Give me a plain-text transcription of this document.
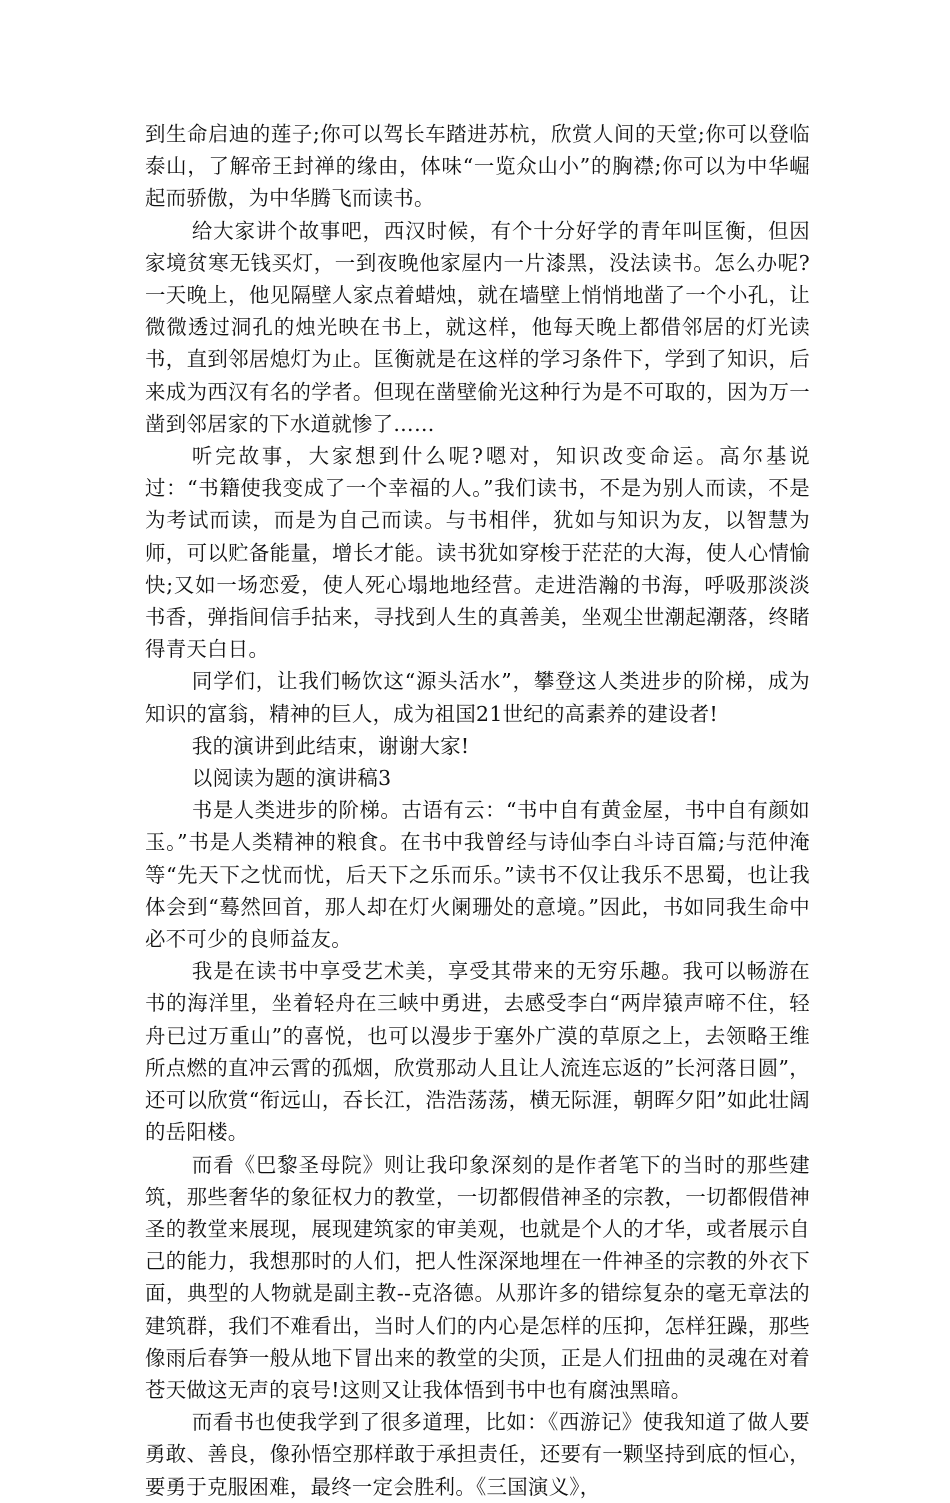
到生命启迪的莲子;你可以驾长车踏进苏杭，欣赏人间的天堂;你可以登临泰山，了解帝王封禅的缘由，体味“一览众山小”的胸襟;你可以为中华崛起而骄傲，为中华腾飞而读书。

给大家讲个故事吧，西汉时候，有个十分好学的青年叫匡衡，但因家境贫寒无钱买灯，一到夜晚他家屋内一片漆黑，没法读书。怎么办呢?一天晚上，他见隔壁人家点着蜡烛，就在墙壁上悄悄地凿了一个小孔，让微微透过洞孔的烛光映在书上，就这样，他每天晚上都借邻居的灯光读书，直到邻居熄灯为止。匡衡就是在这样的学习条件下，学到了知识，后来成为西汉有名的学者。但现在凿壁偷光这种行为是不可取的，因为万一凿到邻居家的下水道就惨了……

听完故事，大家想到什么呢?嗯对，知识改变命运。高尔基说过：“书籍使我变成了一个幸福的人。”我们读书，不是为别人而读，不是为考试而读，而是为自己而读。与书相伴，犹如与知识为友，以智慧为师，可以贮备能量，增长才能。读书犹如穿梭于茫茫的大海，使人心情愉快;又如一场恋爱，使人死心塌地地经营。走进浩瀚的书海，呼吸那淡淡书香，弹指间信手拈来，寻找到人生的真善美，坐观尘世潮起潮落，终睹得青天白日。

同学们，让我们畅饮这“源头活水”，攀登这人类进步的阶梯，成为知识的富翁，精神的巨人，成为祖国21世纪的高素养的建设者!

我的演讲到此结束，谢谢大家!

以阅读为题的演讲稿3

书是人类进步的阶梯。古语有云：“书中自有黄金屋，书中自有颜如玉。”书是人类精神的粮食。在书中我曾经与诗仙李白斗诗百篇;与范仲淹等“先天下之忧而忧，后天下之乐而乐。”读书不仅让我乐不思蜀，也让我体会到“蓦然回首，那人却在灯火阑珊处的意境。”因此，书如同我生命中必不可少的良师益友。

我是在读书中享受艺术美，享受其带来的无穷乐趣。我可以畅游在书的海洋里，坐着轻舟在三峡中勇进，去感受李白“两岸猿声啼不住，轻舟已过万重山”的喜悦，也可以漫步于塞外广漠的草原之上，去领略王维所点燃的直冲云霄的孤烟，欣赏那动人且让人流连忘返的”长河落日圆”，还可以欣赏“衔远山，吞长江，浩浩荡荡，横无际涯，朝晖夕阳”如此壮阔的岳阳楼。

而看《巴黎圣母院》则让我印象深刻的是作者笔下的当时的那些建筑，那些奢华的象征权力的教堂，一切都假借神圣的宗教，一切都假借神圣的教堂来展现，展现建筑家的审美观，也就是个人的才华，或者展示自己的能力，我想那时的人们，把人性深深地埋在一件神圣的宗教的外衣下面，典型的人物就是副主教--克洛德。从那许多的错综复杂的毫无章法的建筑群，我们不难看出，当时人们的内心是怎样的压抑，怎样狂躁，那些像雨后春笋一般从地下冒出来的教堂的尖顶，正是人们扭曲的灵魂在对着苍天做这无声的哀号!这则又让我体悟到书中也有腐浊黑暗。

而看书也使我学到了很多道理，比如：《西游记》使我知道了做人要勇敢、善良，像孙悟空那样敢于承担责任，还要有一颗坚持到底的恒心，要勇于克服困难，最终一定会胜利。《三国演义》，
